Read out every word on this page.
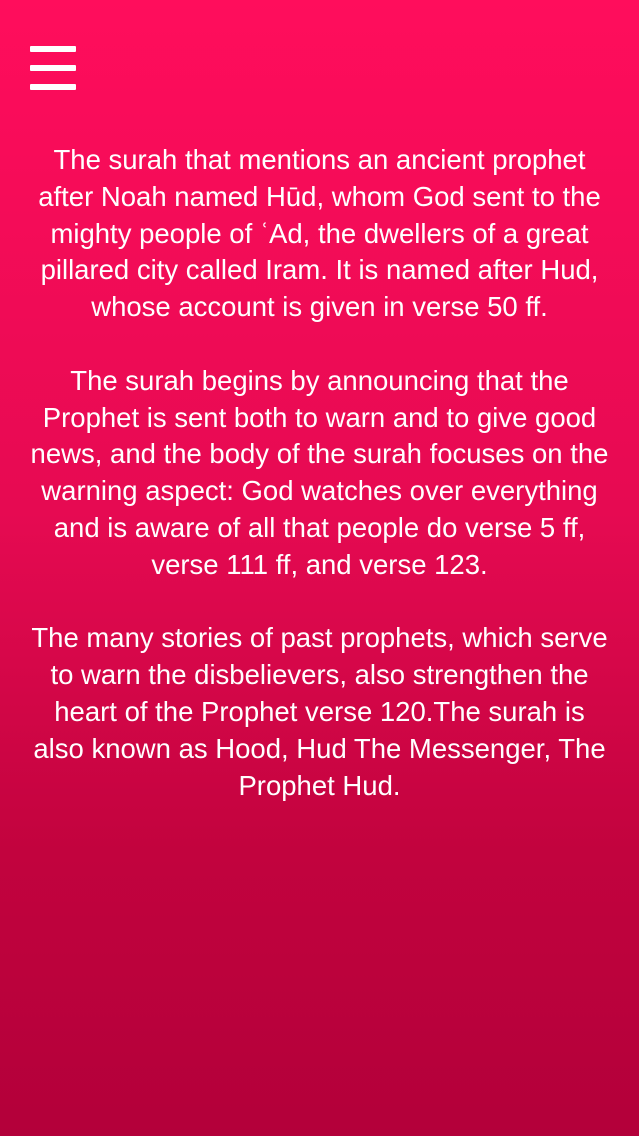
The surah that mentions an ancient prophet after Noah named Hūd, whom God sent to the mighty people of ʿAd, the dwellers of a great pillared city called Iram. It is named after Hud, whose account is given in verse 50 ff.

The surah begins by announcing that the Prophet is sent both to warn and to give good news, and the body of the surah focuses on the warning aspect: God watches over everything and is aware of all that people do verse 5 ff, verse 111 ff, and verse 123.

The many stories of past prophets, which serve to warn the disbelievers, also strengthen the heart of the Prophet verse 120.The surah is also known as Hood, Hud The Messenger, The Prophet Hud.
